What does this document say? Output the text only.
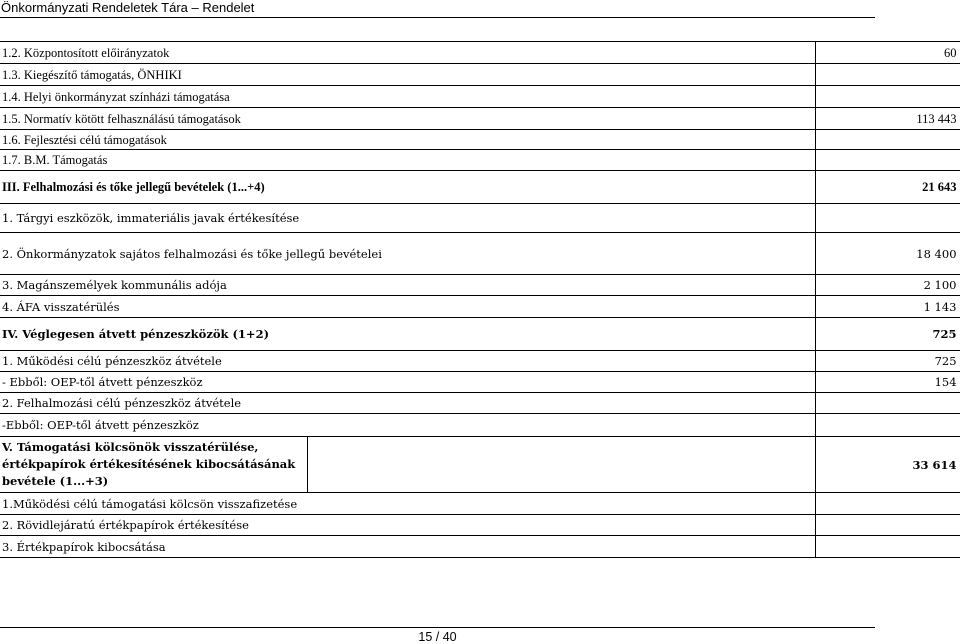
Önkormányzati Rendeletek Tára – Rendelet
1.2. Központosított előirányzatok		60
1.3. Kiegészítő támogatás, ÖNHIKI		
1.4. Helyi önkormányzat színházi támogatása		
1.5. Normatív kötött felhasználású támogatások		113 443
1.6. Fejlesztési célú támogatások		
1.7. B.M. Támogatás		
III. Felhalmozási és tőke jellegű bevételek (1...+4)		21 643
1. Tárgyi eszközök, immateriális javak értékesítése		
2. Önkormányzatok sajátos felhalmozási és tőke jellegű bevételei		18 400
3. Magánszemélyek kommunális adója		2 100
4. ÁFA visszatérülés		1 143
IV. Véglegesen átvett pénzeszközök (1+2)		725
1. Működési célú pénzeszköz átvétele		725
- Ebből: OEP-től átvett pénzeszköz		154
2. Felhalmozási célú pénzeszköz átvétele		
-Ebből: OEP-től átvett pénzeszköz		
V. Támogatási kölcsönök visszatérülése, értékpapírok értékesítésének kibocsátásának bevétele (1...+3)		33 614
1.Működési célú támogatási kölcsön visszafizetése		
2. Rövidlejáratú értékpapírok értékesítése		
3. Értékpapírok kibocsátása		
15 / 40
